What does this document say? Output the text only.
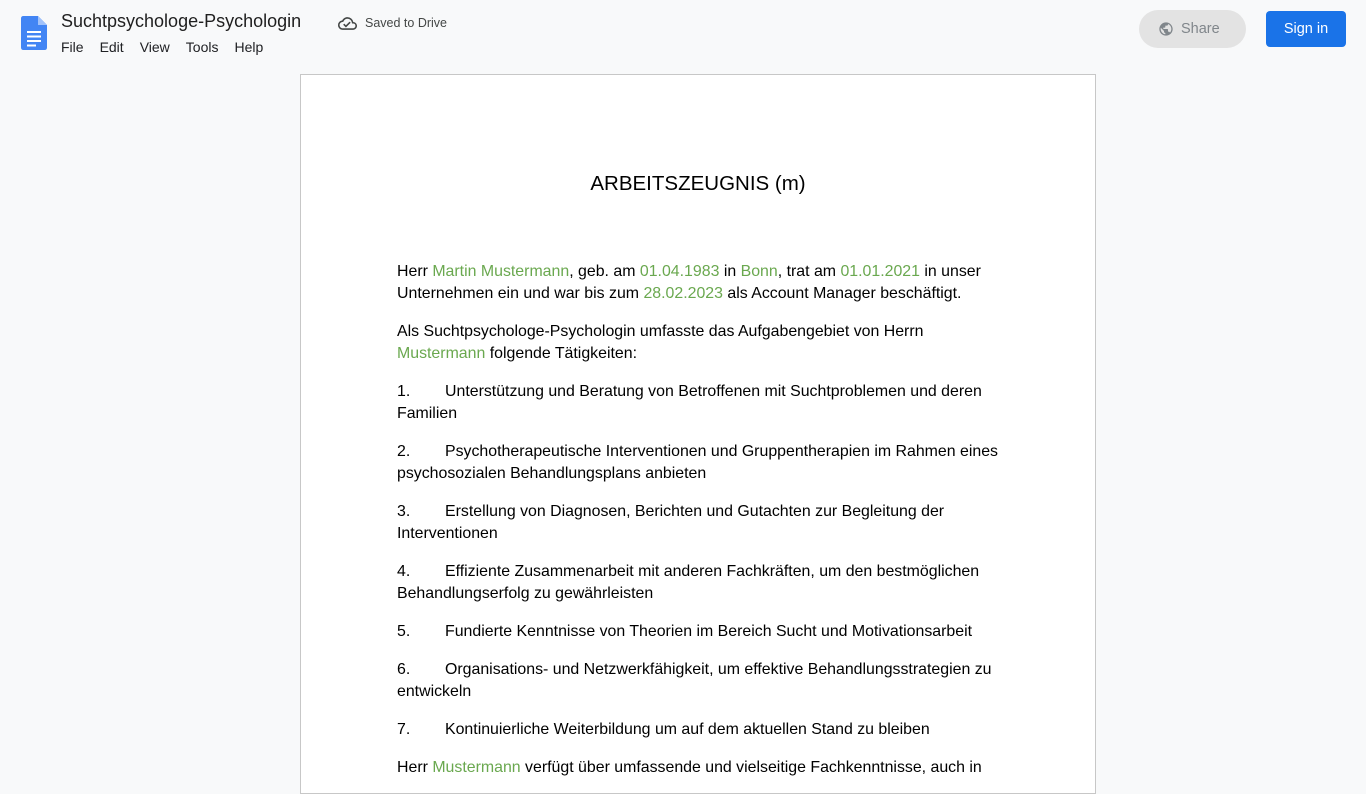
Suchtpsychologe-Psychologin	Saved to Drive
File	Edit	View	Tools	Help
Share	Sign in
ARBEITSZEUGNIS (m)

Herr Martin Mustermann, geb. am 01.04.1983 in Bonn, trat am 01.01.2021 in unser Unternehmen ein und war bis zum 28.02.2023 als Account Manager beschäftigt.

Als Suchtpsychologe-Psychologin umfasste das Aufgabengebiet von Herrn Mustermann folgende Tätigkeiten:

1. Unterstützung und Beratung von Betroffenen mit Suchtproblemen und deren Familien

2. Psychotherapeutische Interventionen und Gruppentherapien im Rahmen eines psychosozialen Behandlungsplans anbieten

3. Erstellung von Diagnosen, Berichten und Gutachten zur Begleitung der Interventionen

4. Effiziente Zusammenarbeit mit anderen Fachkräften, um den bestmöglichen Behandlungserfolg zu gewährleisten

5. Fundierte Kenntnisse von Theorien im Bereich Sucht und Motivationsarbeit

6. Organisations- und Netzwerkfähigkeit, um effektive Behandlungsstrategien zu entwickeln

7. Kontinuierliche Weiterbildung um auf dem aktuellen Stand zu bleiben

Herr Mustermann verfügt über umfassende und vielseitige Fachkenntnisse, auch in
